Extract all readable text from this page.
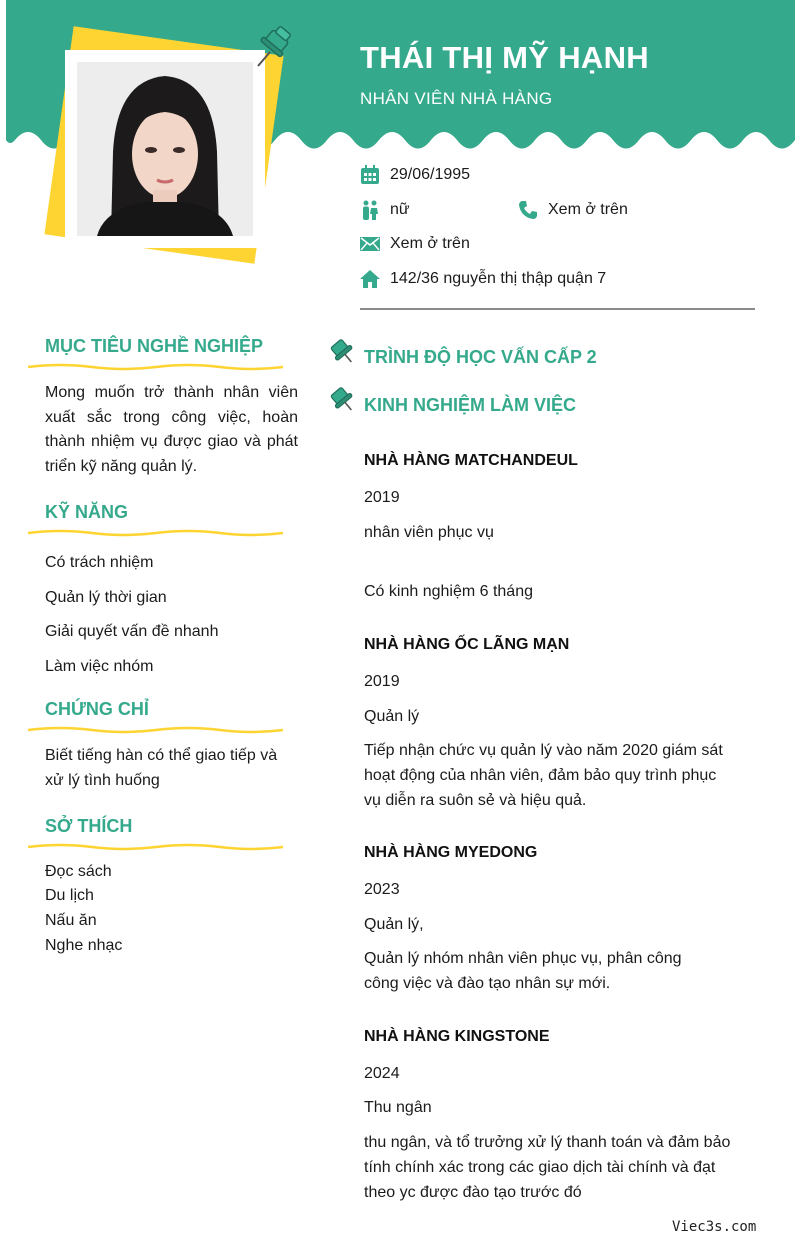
THÁI THỊ MỸ HẠNH
NHÂN VIÊN NHÀ HÀNG
29/06/1995
nữ	Xem ở trên
Xem ở trên
142/36 nguyễn thị thập quận 7
MỤC TIÊU NGHỀ NGHIỆP
Mong muốn trở thành nhân viên xuất sắc trong công việc, hoàn thành nhiệm vụ được giao và phát triển kỹ năng quản lý.
KỸ NĂNG
Có trách nhiệm
Quản lý thời gian
Giải quyết vấn đề nhanh
Làm việc nhóm
CHỨNG CHỈ
Biết tiếng hàn có thể giao tiếp và xử lý tình huống
SỞ THÍCH
Đọc sách
Du lịch
Nấu ăn
Nghe nhạc
TRÌNH ĐỘ HỌC VẤN CẤP 2
KINH NGHIỆM LÀM VIỆC
NHÀ HÀNG MATCHANDEUL
2019
nhân viên phục vụ
Có kinh nghiệm 6 tháng
NHÀ HÀNG ỐC LÃNG MẠN
2019
Quản lý
Tiếp nhận chức vụ quản lý vào năm 2020 giám sát hoạt động của nhân viên, đảm bảo quy trình phục vụ diễn ra suôn sẻ và hiệu quả.
NHÀ HÀNG MYEDONG
2023
Quản lý,
Quản lý nhóm nhân viên phục vụ, phân công công việc và đào tạo nhân sự mới.
NHÀ HÀNG KINGSTONE
2024
Thu ngân
thu ngân, và tổ trưởng xử lý thanh toán và đảm bảo tính chính xác trong các giao dịch tài chính và đạt theo yc được đào tạo trước đó
Viec3s.com
